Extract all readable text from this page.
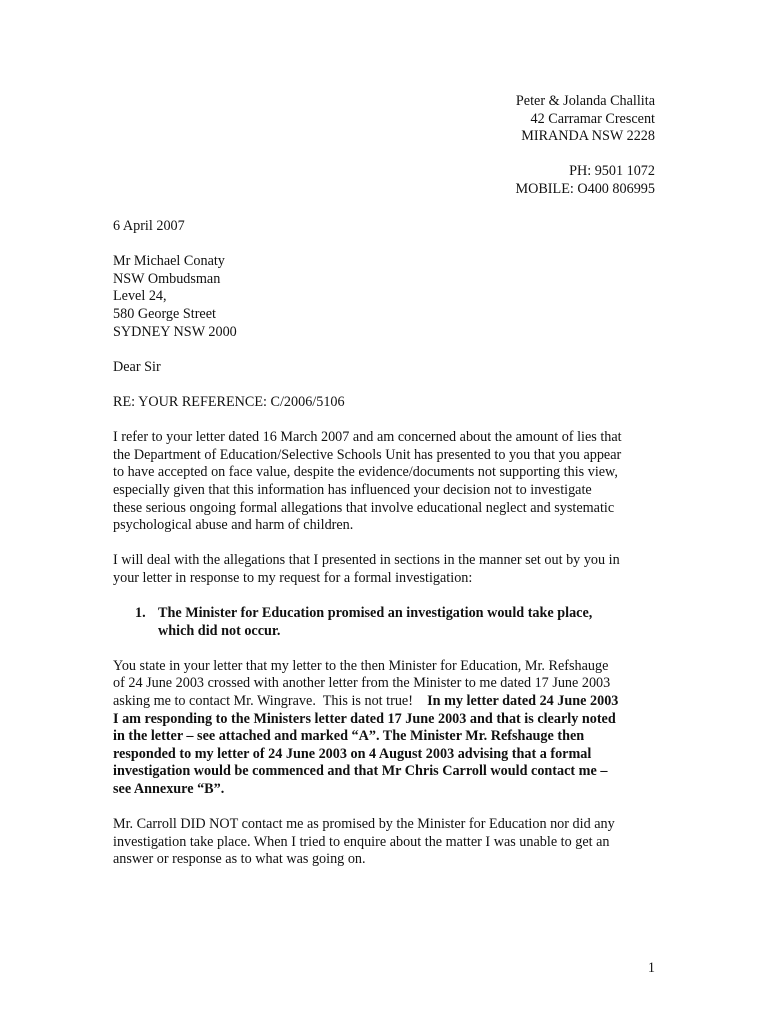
Peter & Jolanda Challita
42 Carramar Crescent
MIRANDA NSW 2228
PH: 9501 1072
MOBILE: O400 806995
6 April 2007
Mr Michael Conaty
NSW Ombudsman
Level 24,
580 George Street
SYDNEY NSW 2000
Dear Sir
RE: YOUR REFERENCE: C/2006/5106
I refer to your letter dated 16 March 2007 and am concerned about the amount of lies that
the Department of Education/Selective Schools Unit has presented to you that you appear
to have accepted on face value, despite the evidence/documents not supporting this view,
especially given that this information has influenced your decision not to investigate
these serious ongoing formal allegations that involve educational neglect and systematic
psychological abuse and harm of children.
I will deal with the allegations that I presented in sections in the manner set out by you in
your letter in response to my request for a formal investigation:
1. The Minister for Education promised an investigation would take place,
which did not occur.
You state in your letter that my letter to the then Minister for Education, Mr. Refshauge
of 24 June 2003 crossed with another letter from the Minister to me dated 17 June 2003
asking me to contact Mr. Wingrave.  This is not true!    In my letter dated 24 June 2003
I am responding to the Ministers letter dated 17 June 2003 and that is clearly noted
in the letter – see attached and marked “A”. The Minister Mr. Refshauge then
responded to my letter of 24 June 2003 on 4 August 2003 advising that a formal
investigation would be commenced and that Mr Chris Carroll would contact me –
see Annexure “B”.
Mr. Carroll DID NOT contact me as promised by the Minister for Education nor did any
investigation take place. When I tried to enquire about the matter I was unable to get an
answer or response as to what was going on.
1
